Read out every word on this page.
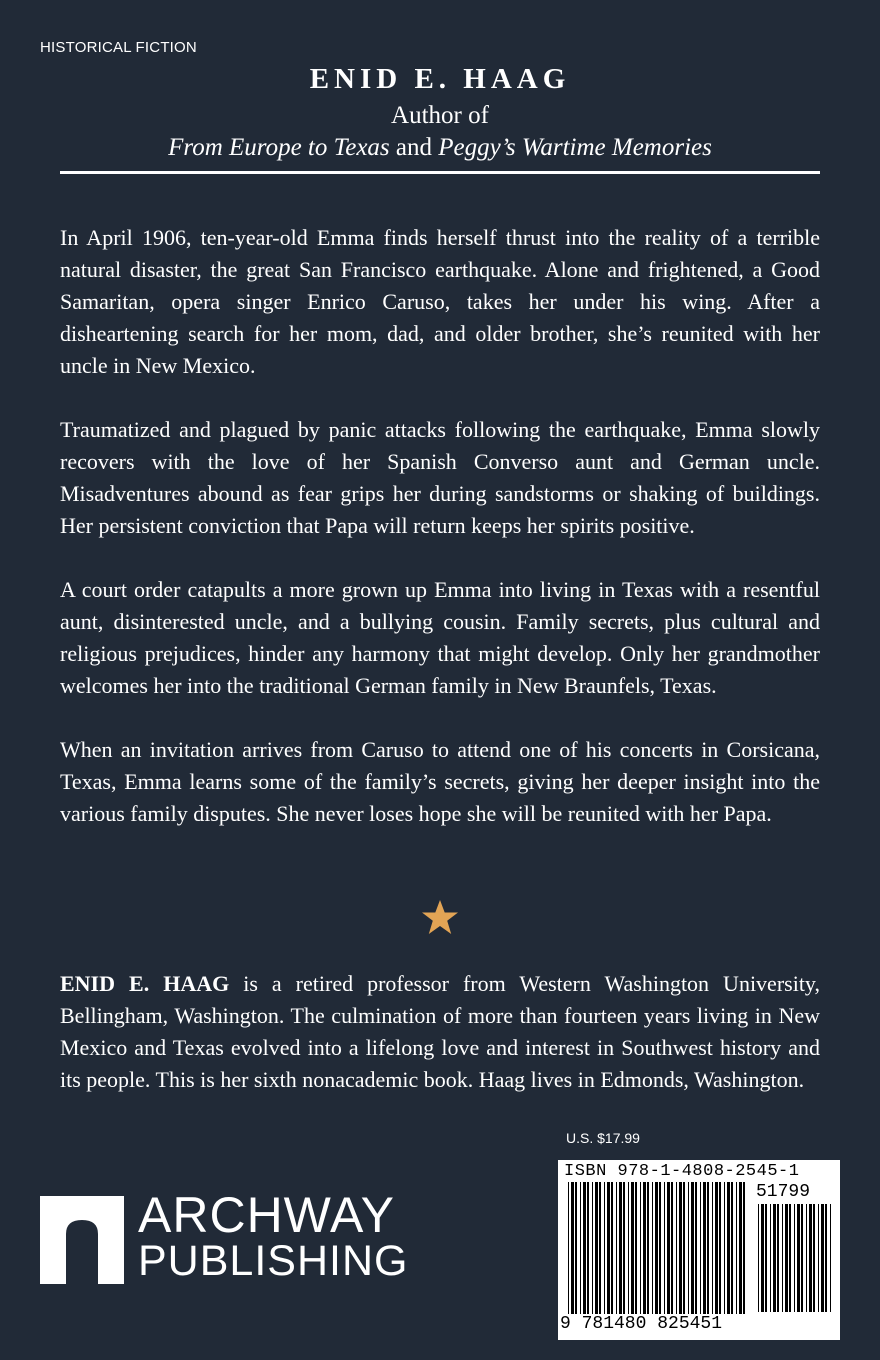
HISTORICAL FICTION
ENID E. HAAG
Author of
From Europe to Texas and Peggy’s Wartime Memories

In April 1906, ten-year-old Emma finds herself thrust into the reality of a terrible natural disaster, the great San Francisco earthquake. Alone and frightened, a Good Samaritan, opera singer Enrico Caruso, takes her under his wing. After a disheartening search for her mom, dad, and older brother, she’s reunited with her uncle in New Mexico.

Traumatized and plagued by panic attacks following the earthquake, Emma slowly recovers with the love of her Spanish Converso aunt and German uncle. Misadventures abound as fear grips her during sandstorms or shaking of buildings. Her persistent conviction that Papa will return keeps her spirits positive.

A court order catapults a more grown up Emma into living in Texas with a resentful aunt, disinterested uncle, and a bullying cousin. Family secrets, plus cultural and religious prejudices, hinder any harmony that might develop. Only her grandmother welcomes her into the traditional German family in New Braunfels, Texas.

When an invitation arrives from Caruso to attend one of his concerts in Corsicana, Texas, Emma learns some of the family’s secrets, giving her deeper insight into the various family disputes. She never loses hope she will be reunited with her Papa.

ENID E. HAAG is a retired professor from Western Washington University, Bellingham, Washington. The culmination of more than fourteen years living in New Mexico and Texas evolved into a lifelong love and interest in Southwest history and its people. This is her sixth nonacademic book. Haag lives in Edmonds, Washington.

U.S. $17.99
ISBN 978-1-4808-2545-1
51799
9 781480 825451
ARCHWAY
PUBLISHING
